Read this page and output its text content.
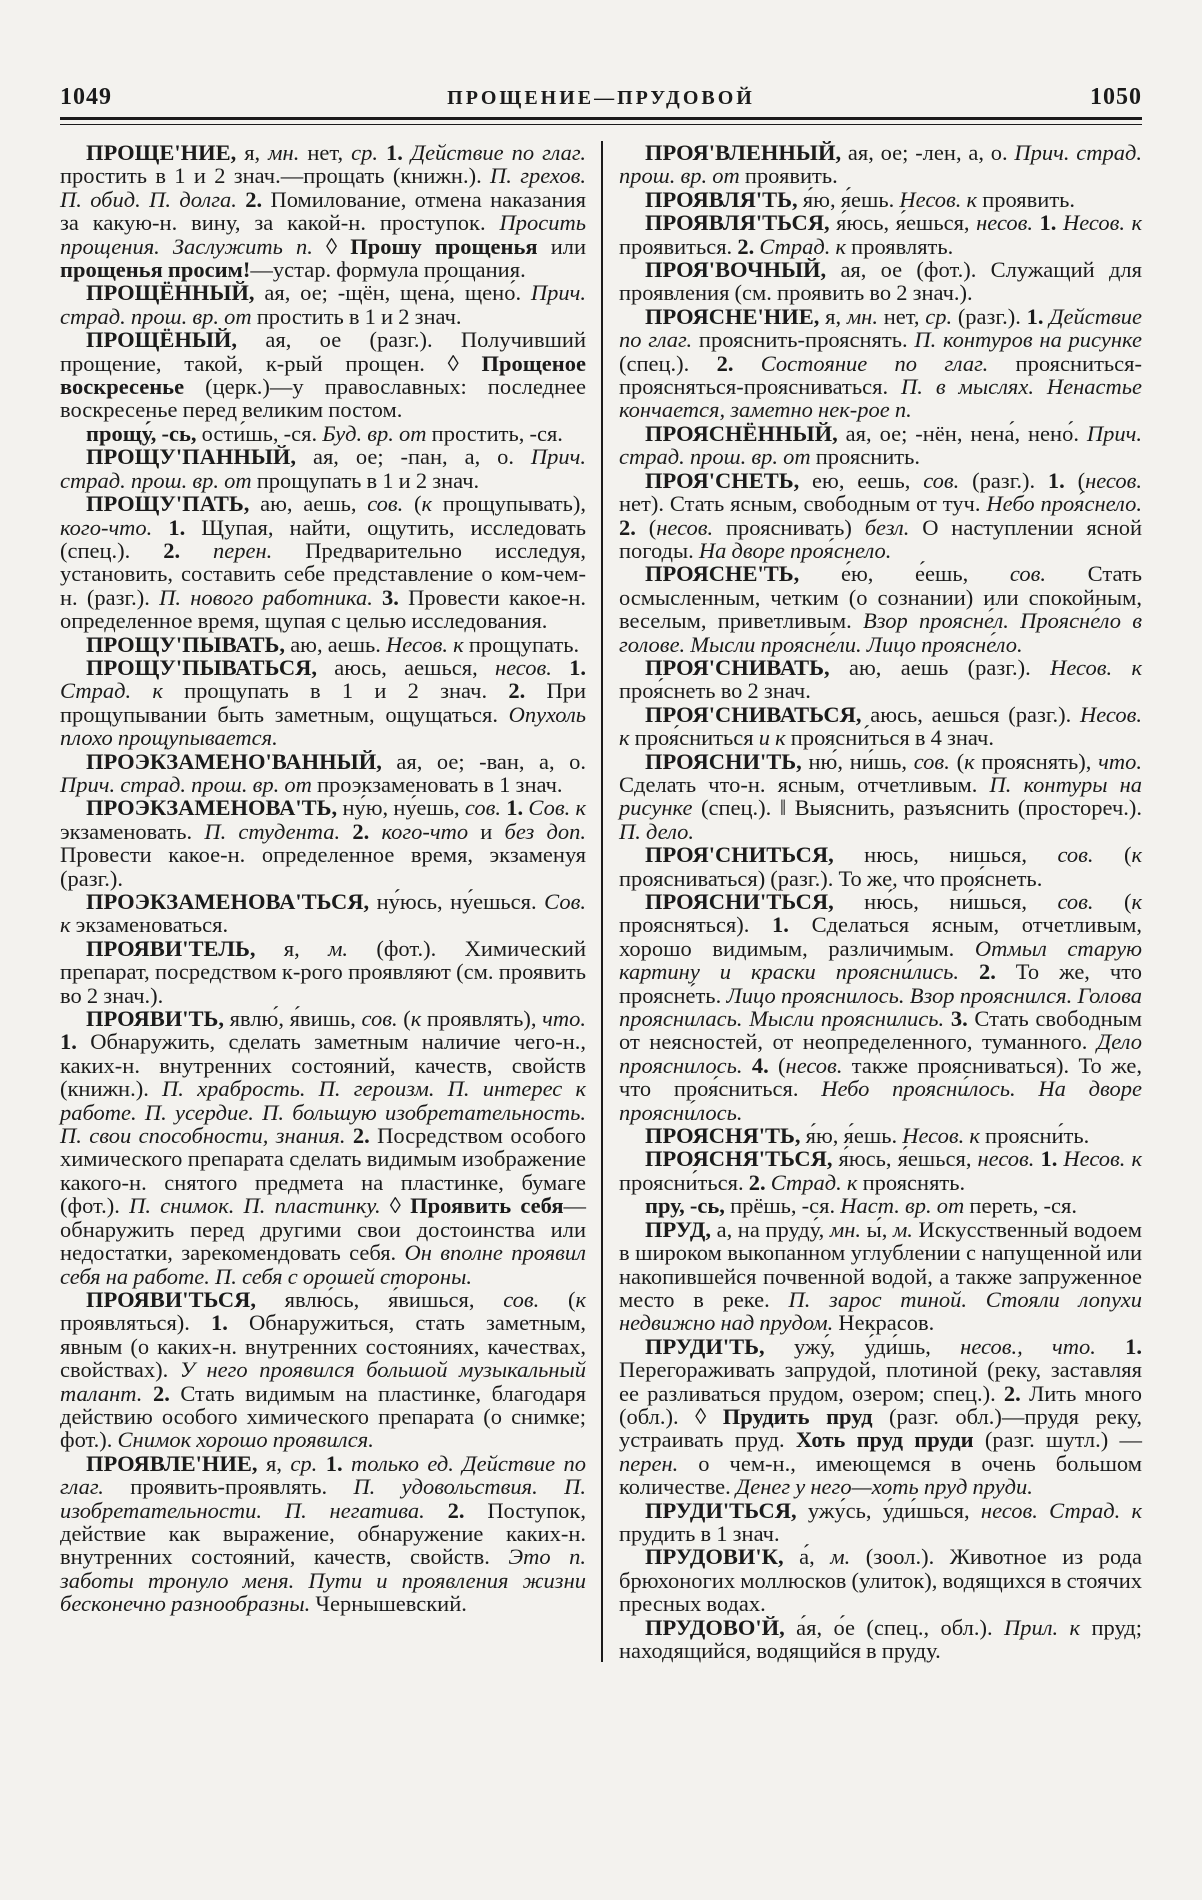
1049	ПРОЩЕНИЕ—ПРУДОВОЙ	1050

ПРОЩЕ'НИЕ, я, мн. нет, ср. 1. Действие по глаг. простить в 1 и 2 знач.—прощать (книжн.). П. грехов. П. обид. П. долга. 2. Помилование, отмена наказания за какую-н. вину, за какой-н. проступок. Просить прощения. Заслужить п. ◊ Прошу прощенья или прощенья просим!—устар. формула прощания.

ПРОЩЁННЫЙ, ая, ое; -щён, щена́, щено́. Прич. страд. прош. вр. от простить в 1 и 2 знач.

ПРОЩЁНЫЙ, ая, ое (разг.). Получивший прощение, такой, к-рый прощен. ◊ Прощеное воскресенье (церк.)—у православных: последнее воскресенье перед великим постом.

прощу́, -сь, ости́шь, -ся. Буд. вр. от простить, -ся.

ПРОЩУ'ПАННЫЙ, ая, ое; -пан, а, о. Прич. страд. прош. вр. от прощупать в 1 и 2 знач.

ПРОЩУ'ПАТЬ, аю, аешь, сов. (к прощупывать), кого-что. 1. Щупая, найти, ощутить, исследовать (спец.). 2. перен. Предварительно исследуя, установить, составить себе представление о ком-чем-н. (разг.). П. нового работника. 3. Провести какое-н. определенное время, щупая с целью исследования.

ПРОЩУ'ПЫВАТЬ, аю, аешь. Несов. к прощупать.

ПРОЩУ'ПЫВАТЬСЯ, аюсь, аешься, несов. 1. Страд. к прощупать в 1 и 2 знач. 2. При прощупывании быть заметным, ощущаться. Опухоль плохо прощупывается.

ПРОЭКЗАМЕНО'ВАННЫЙ, ая, ое; -ван, а, о. Прич. страд. прош. вр. от проэкзаменовать в 1 знач.

ПРОЭКЗАМЕНОВА'ТЬ, ну́ю, ну́ешь, сов. 1. Сов. к экзаменовать. П. студента. 2. кого-что и без доп. Провести какое-н. определенное время, экзаменуя (разг.).

ПРОЭКЗАМЕНОВА'ТЬСЯ, ну́юсь, ну́ешься. Сов. к экзаменоваться.

ПРОЯВИ'ТЕЛЬ, я, м. (фот.). Химический препарат, посредством к-рого проявляют (см. проявить во 2 знач.).

ПРОЯВИ'ТЬ, явлю́, я́вишь, сов. (к проявлять), что. 1. Обнаружить, сделать заметным наличие чего-н., каких-н. внутренних состояний, качеств, свойств (книжн.). П. храбрость. П. героизм. П. интерес к работе. П. усердие. П. большую изобретательность. П. свои способности, знания. 2. Посредством особого химического препарата сделать видимым изображение какого-н. снятого предмета на пластинке, бумаге (фот.). П. снимок. П. пластинку. ◊ Проявить себя—обнаружить перед другими свои достоинства или недостатки, зарекомендовать себя. Он вполне проявил себя на работе. П. себя с орошей стороны.

ПРОЯВИ'ТЬСЯ, явлю́сь, я́вишься, сов. (к проявляться). 1. Обнаружиться, стать заметным, явным (о каких-н. внутренних состояниях, качествах, свойствах). У него проявился большой музыкальный талант. 2. Стать видимым на пластинке, благодаря действию особого химического препарата (о снимке; фот.). Снимок хорошо проявился.

ПРОЯВЛЕ'НИЕ, я, ср. 1. только ед. Действие по глаг. проявить-проявлять. П. удовольствия. П. изобретательности. П. негатива. 2. Поступок, действие как выражение, обнаружение каких-н. внутренних состояний, качеств, свойств. Это п. заботы тронуло меня. Пути и проявления жизни бесконечно разнообразны. Чернышевский.

ПРОЯ'ВЛЕННЫЙ, ая, ое; -лен, а, о. Прич. страд. прош. вр. от проявить.

ПРОЯВЛЯ'ТЬ, я́ю, я́ешь. Несов. к проявить.

ПРОЯВЛЯ'ТЬСЯ, я́юсь, я́ешься, несов. 1. Несов. к проявиться. 2. Страд. к проявлять.

ПРОЯ'ВОЧНЫЙ, ая, ое (фот.). Служащий для проявления (см. проявить во 2 знач.).

ПРОЯСНЕ'НИЕ, я, мн. нет, ср. (разг.). 1. Действие по глаг. прояснить-прояснять. П. контуров на рисунке (спец.). 2. Состояние по глаг. проясниться-проясняться-проясниваться. П. в мыслях. Ненастье кончается, заметно нек-рое п.

ПРОЯСНЁННЫЙ, ая, ое; -нён, нена́, нено́. Прич. страд. прош. вр. от прояснить.

ПРОЯ'СНЕТЬ, ею, еешь, сов. (разг.). 1. (несов. нет). Стать ясным, свободным от туч. Небо проя́снело. 2. (несов. прояснивать) безл. О наступлении ясной погоды. На дворе проя́снело.

ПРОЯСНЕ'ТЬ, е́ю, е́ешь, сов. Стать осмысленным, четким (о сознании) или спокойным, веселым, приветливым. Взор проясне́л. Проясне́ло в голове. Мысли проясне́ли. Лицо проясне́ло.

ПРОЯ'СНИВАТЬ, аю, аешь (разг.). Несов. к проя́снеть во 2 знач.

ПРОЯ'СНИВАТЬСЯ, аюсь, аешься (разг.). Несов. к проя́сниться и к проясни́ться в 4 знач.

ПРОЯСНИ'ТЬ, ню́, ни́шь, сов. (к прояснять), что. Сделать что-н. ясным, отчетливым. П. контуры на рисунке (спец.). ‖ Выяснить, разъяснить (простореч.). П. дело.

ПРОЯ'СНИТЬСЯ, нюсь, нишься, сов. (к проясниваться) (разг.). То же, что проя́снеть.

ПРОЯСНИ'ТЬСЯ, ню́сь, ни́шься, сов. (к проясняться). 1. Сделаться ясным, отчетливым, хорошо видимым, различимым. Отмыл старую картину и краски проясни́лись. 2. То же, что проясне́ть. Лицо прояснилось. Взор прояснился. Голова прояснилась. Мысли прояснились. 3. Стать свободным от неясностей, от неопределенного, туманного. Дело прояснилось. 4. (несов. также проясниваться). То же, что проя́сниться. Небо проясни́лось. На дворе проясни́лось.

ПРОЯСНЯ'ТЬ, я́ю, я́ешь. Несов. к проясни́ть.

ПРОЯСНЯ'ТЬСЯ, я́юсь, я́ешься, несов. 1. Несов. к проясни́ться. 2. Страд. к прояснять.

пру, -сь, прёшь, -ся. Наст. вр. от переть, -ся.

ПРУД, а, на пруду́, мн. ы́, м. Искусственный водоем в широком выкопанном углублении с напущенной или накопившейся почвенной водой, а также запруженное место в реке. П. зарос тиной. Стояли лопухи недвижно над прудом. Некрасов.

ПРУДИ'ТЬ, ужу́, у́ди́шь, несов., что. 1. Перегораживать запрудой, плотиной (реку, заставляя ее разливаться прудом, озером; спец.). 2. Лить много (обл.). ◊ Прудить пруд (разг. обл.)—прудя реку, устраивать пруд. Хоть пруд пруди (разг. шутл.) — перен. о чем-н., имеющемся в очень большом количестве. Денег у него—хоть пруд пруди.

ПРУДИ'ТЬСЯ, ужу́сь, у́ди́шься, несов. Страд. к прудить в 1 знач.

ПРУДОВИ'К, а́, м. (зоол.). Животное из рода брюхоногих моллюсков (улиток), водящихся в стоячих пресных водах.

ПРУДОВО'Й, а́я, о́е (спец., обл.). Прил. к пруд; находящийся, водящийся в пруду.
